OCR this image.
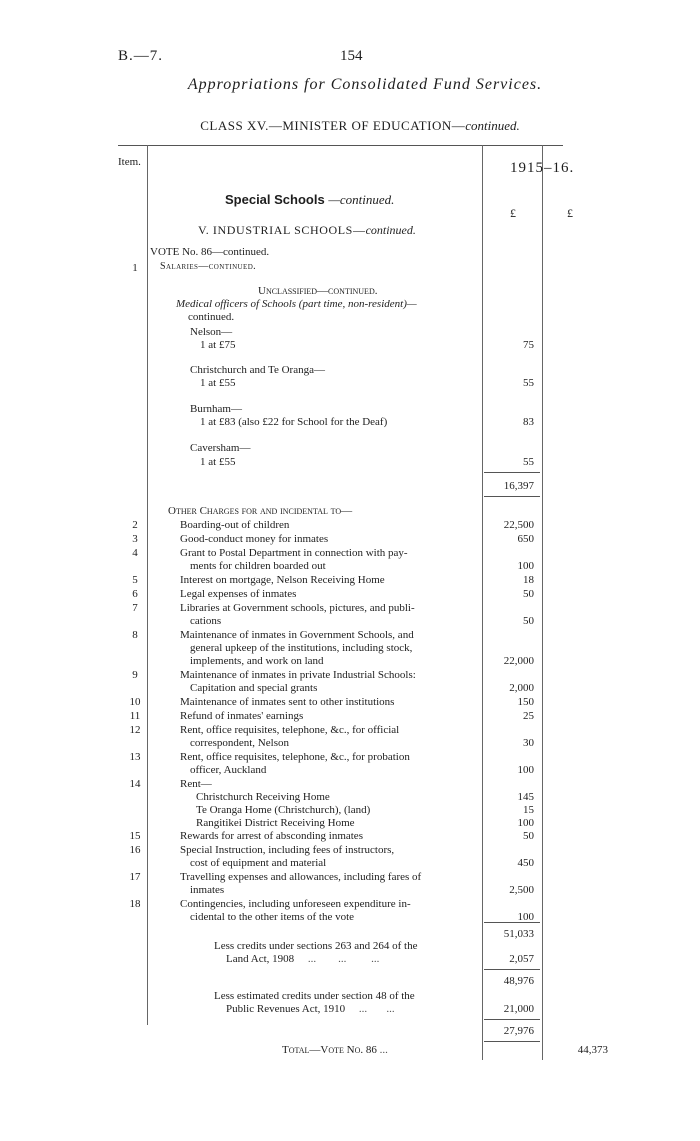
B.—7.	154
Appropriations for Consolidated Fund Services.
CLASS XV.—MINISTER OF EDUCATION—continued.
Item.	1915–16.
£	£
Special Schools —continued.
V. INDUSTRIAL SCHOOLS—continued.
VOTE No. 86—continued.
1	Salaries—continued.
Unclassified—continued.
Medical officers of Schools (part time, non-resident)—
continued.
Nelson—
1 at £75	75
Christchurch and Te Oranga—
1 at £55	55
Burnham—
1 at £83 (also £22 for School for the Deaf)	83
Caversham—
1 at £55	55
16,397
Other Charges for and incidental to—
2	Boarding-out of children	22,500
3	Good-conduct money for inmates	650
4	Grant to Postal Department in connection with pay-
ments for children boarded out	100
5	Interest on mortgage, Nelson Receiving Home	18
6	Legal expenses of inmates	50
7	Libraries at Government schools, pictures, and publi-
cations	50
8	Maintenance of inmates in Government Schools, and
general upkeep of the institutions, including stock,
implements, and work on land	22,000
9	Maintenance of inmates in private Industrial Schools:
Capitation and special grants	2,000
10	Maintenance of inmates sent to other institutions	150
11	Refund of inmates' earnings	25
12	Rent, office requisites, telephone, &c., for official
correspondent, Nelson	30
13	Rent, office requisites, telephone, &c., for probation
officer, Auckland	100
14	Rent—
Christchurch Receiving Home	145
Te Oranga Home (Christchurch), (land)	15
Rangitikei District Receiving Home	100
15	Rewards for arrest of absconding inmates	50
16	Special Instruction, including fees of instructors,
cost of equipment and material	450
17	Travelling expenses and allowances, including fares of
inmates	2,500
18	Contingencies, including unforeseen expenditure in-
cidental to the other items of the vote	100
51,033
Less credits under sections 263 and 264 of the
Land Act, 1908     ...        ...         ...	2,057
48,976
Less estimated credits under section 48 of the
Public Revenues Act, 1910     ...       ...	21,000
27,976
Total—Vote No. 86 ...	44,373
